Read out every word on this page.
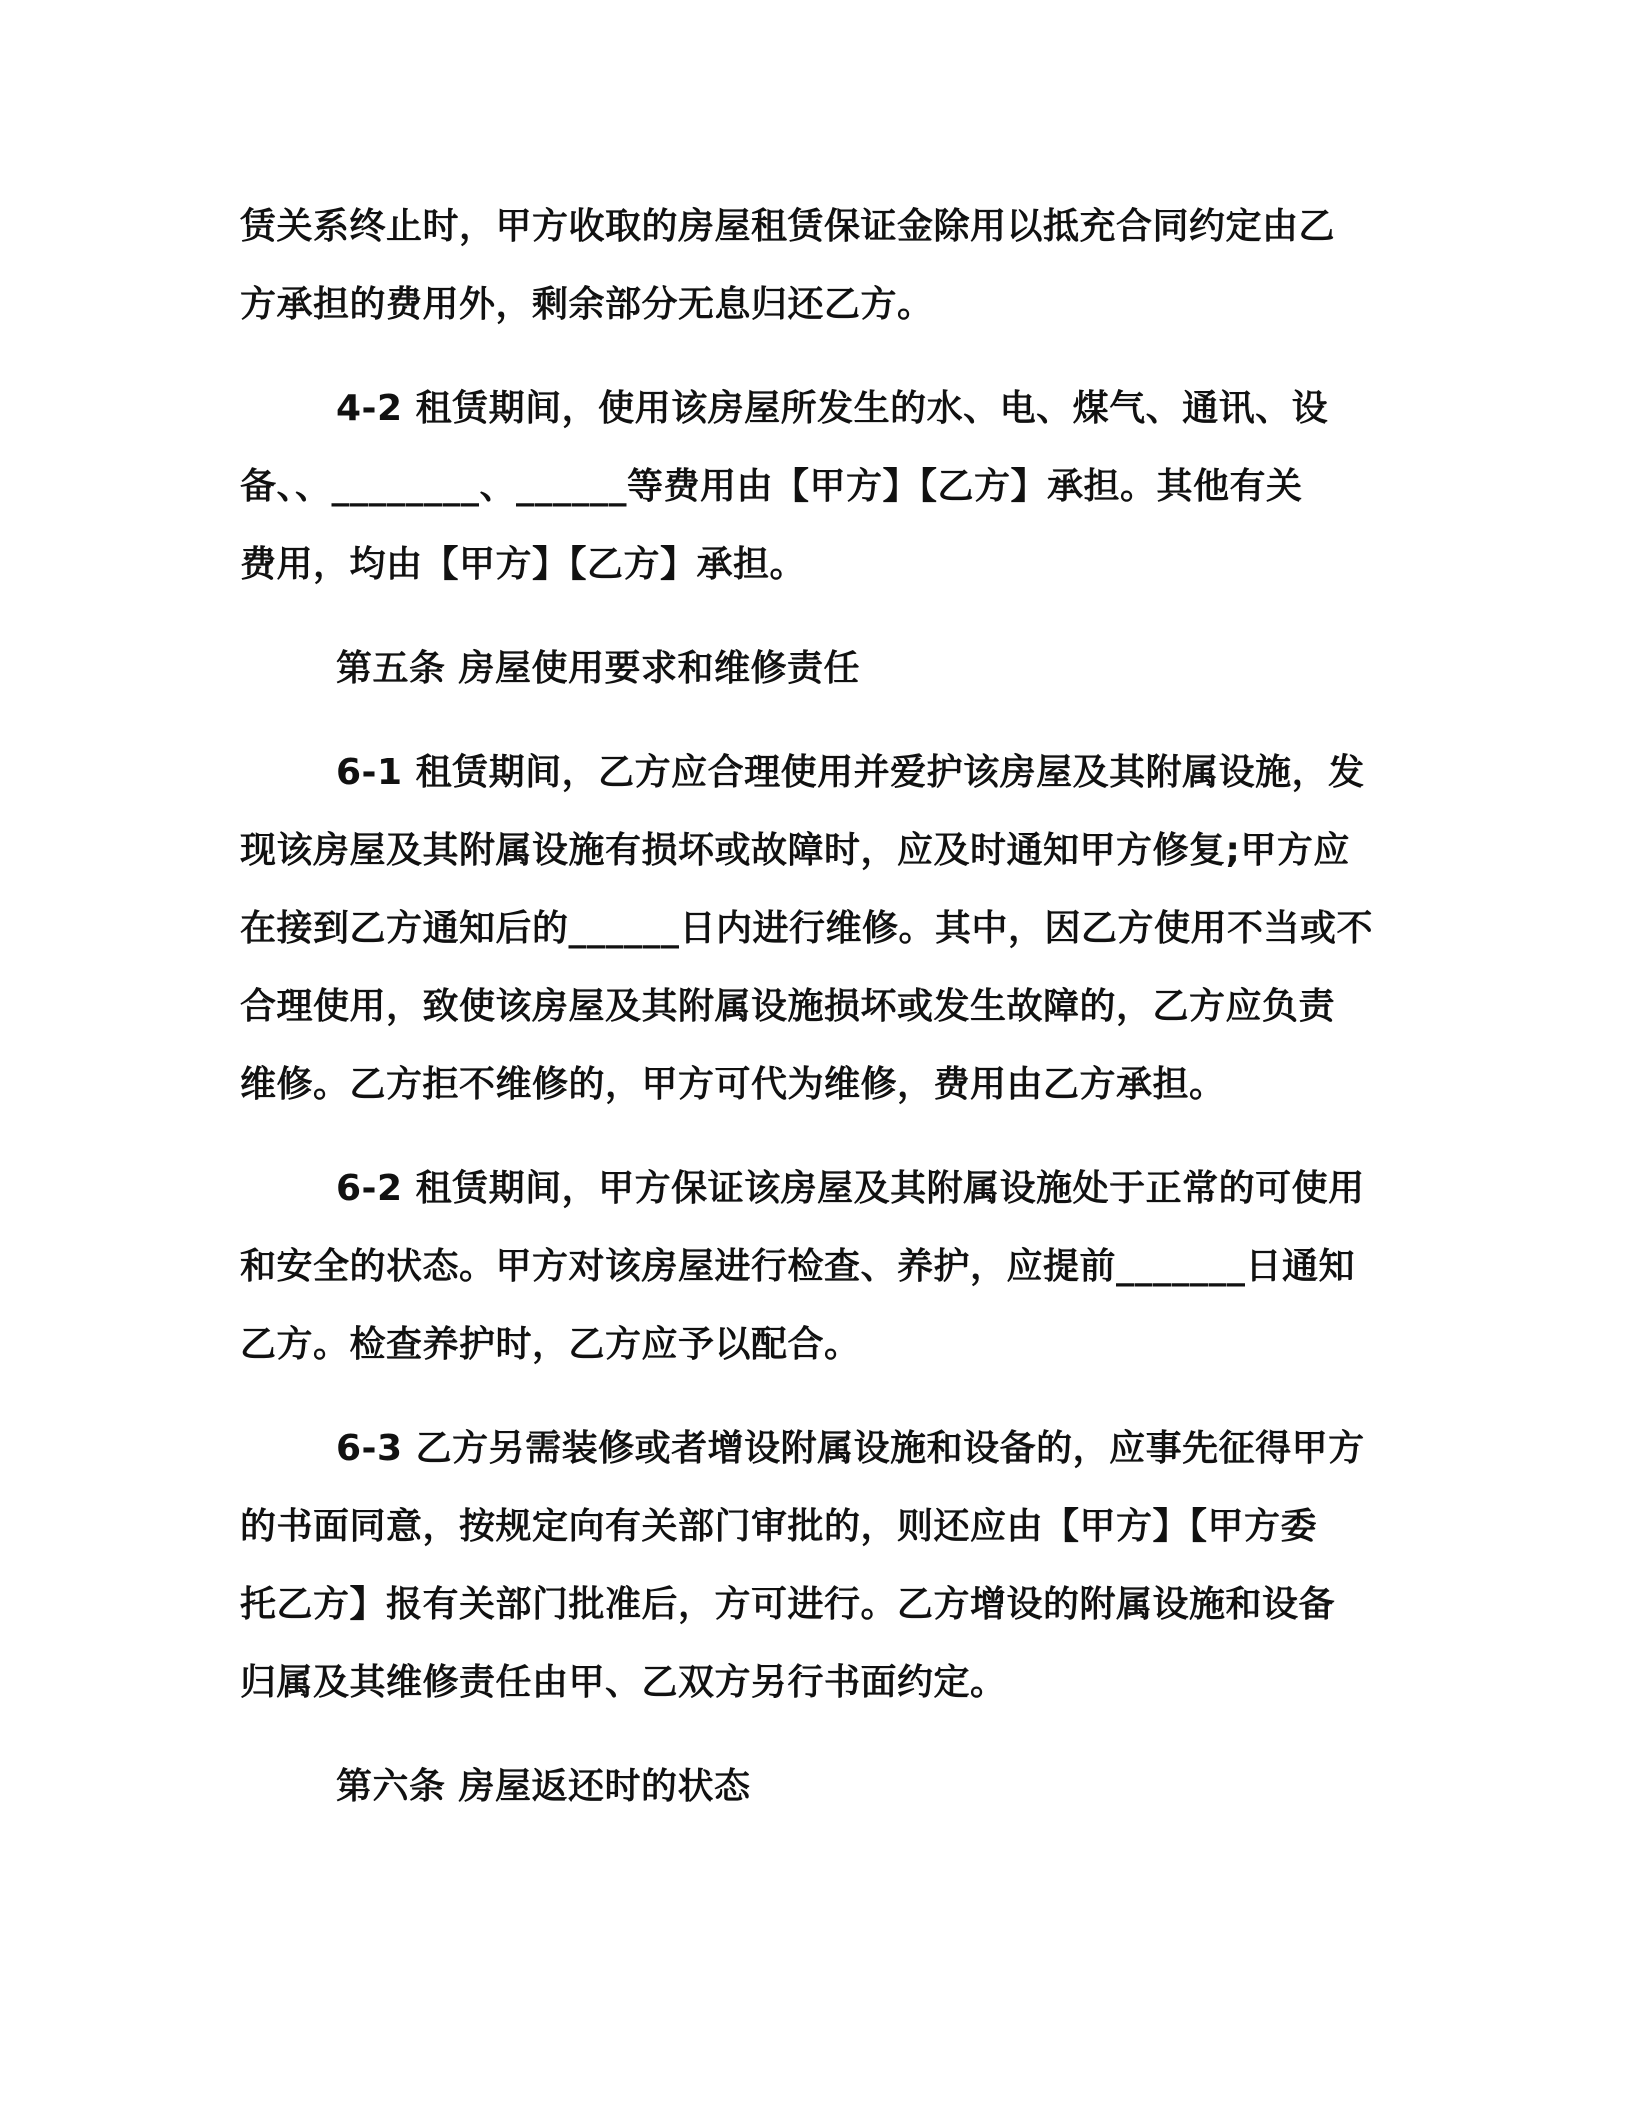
赁关系终止时，甲方收取的房屋租赁保证金除用以抵充合同约定由乙
方承担的费用外，剩余部分无息归还乙方。

4-2 租赁期间，使用该房屋所发生的水、电、煤气、通讯、设
备、、________、______等费用由【甲方】【乙方】承担。其他有关
费用，均由【甲方】【乙方】承担。

第五条 房屋使用要求和维修责任

6-1 租赁期间，乙方应合理使用并爱护该房屋及其附属设施，发
现该房屋及其附属设施有损坏或故障时，应及时通知甲方修复;甲方应
在接到乙方通知后的______日内进行维修。其中，因乙方使用不当或不
合理使用，致使该房屋及其附属设施损坏或发生故障的，乙方应负责
维修。乙方拒不维修的，甲方可代为维修，费用由乙方承担。

6-2 租赁期间，甲方保证该房屋及其附属设施处于正常的可使用
和安全的状态。甲方对该房屋进行检查、养护，应提前_______日通知
乙方。检查养护时，乙方应予以配合。

6-3 乙方另需装修或者增设附属设施和设备的，应事先征得甲方
的书面同意，按规定向有关部门审批的，则还应由【甲方】【甲方委
托乙方】报有关部门批准后，方可进行。乙方增设的附属设施和设备
归属及其维修责任由甲、乙双方另行书面约定。

第六条 房屋返还时的状态
